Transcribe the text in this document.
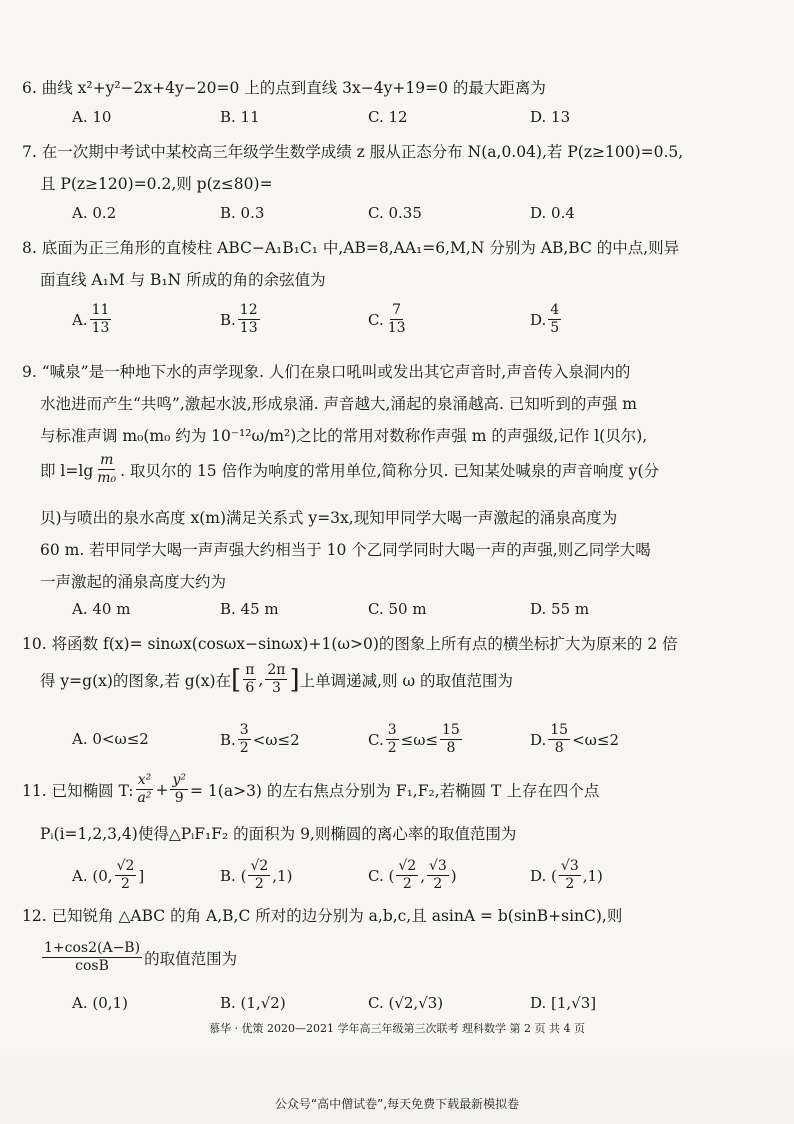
6. 曲线 x²+y²−2x+4y−20=0 上的点到直线 3x−4y+19=0 的最大距离为
A. 10	B. 11	C. 12	D. 13
7. 在一次期中考试中某校高三年级学生数学成绩 z 服从正态分布 N(a,0.04),若 P(z≥100)=0.5,
且 P(z≥120)=0.2,则 p(z≤80)=
A. 0.2	B. 0.3	C. 0.35	D. 0.4
8. 底面为正三角形的直棱柱 ABC−A₁B₁C₁ 中,AB=8,AA₁=6,M,N 分别为 AB,BC 的中点,则异
面直线 A₁M 与 B₁N 所成的角的余弦值为
A. $\frac{11}{13}$	B. $\frac{12}{13}$	C. $\frac{7}{13}$	D. $\frac{4}{5}$
9. “喊泉”是一种地下水的声学现象. 人们在泉口吼叫或发出其它声音时,声音传入泉洞内的
水池进而产生“共鸣”,激起水波,形成泉涌. 声音越大,涌起的泉涌越高. 已知听到的声强 m
与标准声调 m₀(m₀ 约为 10⁻¹²ω/m²)之比的常用对数称作声强 m 的声强级,记作 l(贝尔),
即 $l=\lg \frac{m}{\text{m₀}}$ . 取贝尔的 15 倍作为响度的常用单位,简称分贝. 已知某处喊泉的声音响度 y(分
贝)与喷出的泉水高度 x(m)满足关系式 y=3x,现知甲同学大喝一声激起的涌泉高度为
60 m. 若甲同学大喝一声声强大约相当于 10 个乙同学同时大喝一声的声强,则乙同学大喝
一声激起的涌泉高度大约为
A. 40 m	B. 45 m	C. 50 m	D. 55 m
10. 将函数 f(x)= sinωx(cosωx−sinωx)+1(ω>0)的图象上所有点的横坐标扩大为原来的 2 倍
得 y=g(x)的图象,若 g(x)在 [ $\frac{\pi}{6}$ , $\frac{2\pi}{3}$ ] 上单调递减,则 ω 的取值范围为
A. 0<ω≤2	B. $\frac{3}{2} <\omega\le 2$	C. $\frac{3}{2} \le\omega\le \frac{15}{8}$	D. $\frac{15}{8} <\omega\le 2$
11. 已知椭圆 T: $\frac{\text{x²}}{\text{a²}} + \frac{\text{y²}}{9} = 1(a>3)$ 的左右焦点分别为 F₁,F₂,若椭圆 T 上存在四个点
Pᵢ(i=1,2,3,4)使得△PᵢF₁F₂ 的面积为 9,则椭圆的离心率的取值范围为
A.
(0, $\frac{√2}{2}$ ]	B.
( $\frac{√2}{2} ,1$)	C.
( $\frac{√2}{2}$ , $\frac{√3}{2}$ )	D.
( $\frac{√3}{2} ,1$)
12. 已知锐角 △ABC 的角 A,B,C 所对的边分别为 a,b,c,且 asinA = b(sinB+sinC),则
$\frac{1+\cos 2(A-B)}{\cos B}$ 的取值范围为
A. (0,1)	B. (1,√2)	C. (√2,√3)	D. [1,√3]
慕华 · 优策 2020—2021 学年高三年级第三次联考 理科数学 第 2 页 共 4 页
公众号“高中僧试卷”,每天免费下载最新模拟卷
